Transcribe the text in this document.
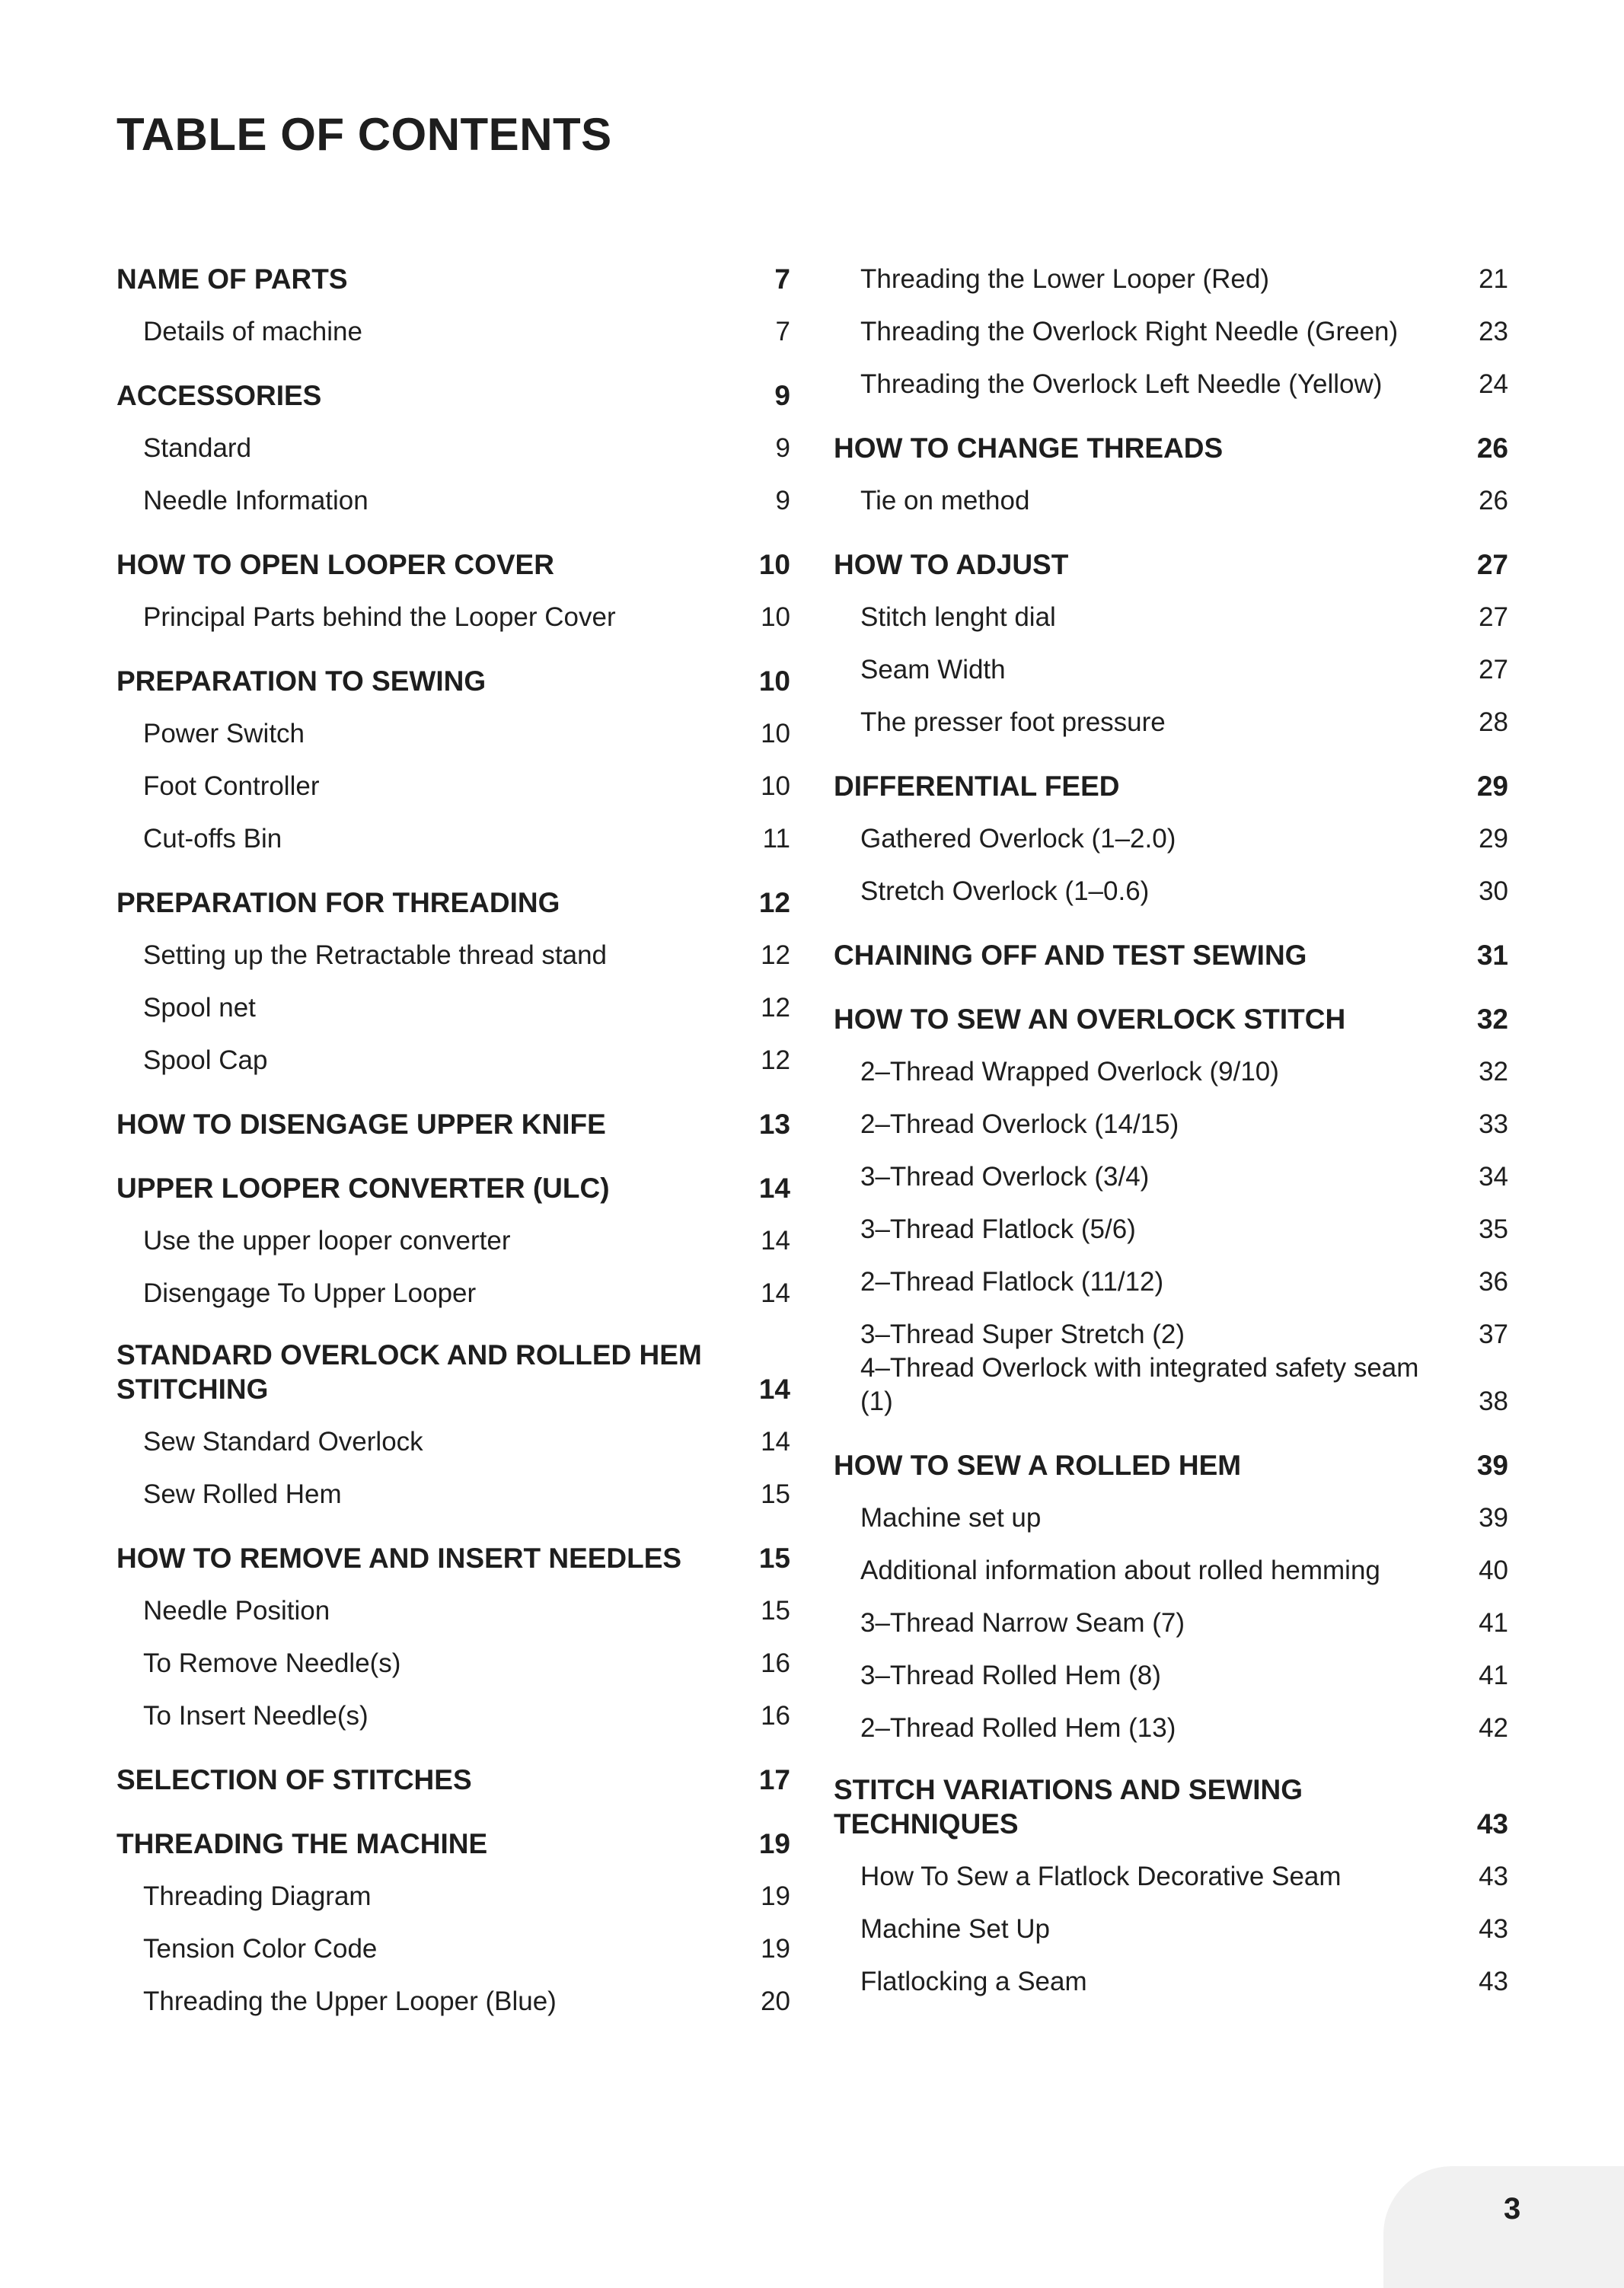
TABLE OF CONTENTS
NAME OF PARTS	7
Details of machine	7
ACCESSORIES	9
Standard	9
Needle Information	9
HOW TO OPEN LOOPER COVER	10
Principal Parts behind the Looper Cover	10
PREPARATION TO SEWING	10
Power Switch	10
Foot Controller	10
Cut-offs Bin	11
PREPARATION FOR THREADING	12
Setting up the Retractable thread stand	12
Spool net	12
Spool Cap	12
HOW TO DISENGAGE UPPER KNIFE	13
UPPER LOOPER CONVERTER (ULC)	14
Use the upper looper converter	14
Disengage To Upper Looper	14
STANDARD OVERLOCK AND ROLLED HEM STITCHING	14
Sew Standard Overlock	14
Sew Rolled Hem	15
HOW TO REMOVE AND INSERT NEEDLES	15
Needle Position	15
To Remove Needle(s)	16
To Insert Needle(s)	16
SELECTION OF STITCHES	17
THREADING THE MACHINE	19
Threading Diagram	19
Tension Color Code	19
Threading the Upper Looper (Blue)	20
Threading the Lower Looper (Red)	21
Threading the Overlock Right Needle (Green)	23
Threading the Overlock Left Needle (Yellow)	24
HOW TO CHANGE THREADS	26
Tie on method	26
HOW TO ADJUST	27
Stitch lenght dial	27
Seam Width	27
The presser foot pressure	28
DIFFERENTIAL FEED	29
Gathered Overlock (1–2.0)	29
Stretch Overlock (1–0.6)	30
CHAINING OFF AND TEST SEWING	31
HOW TO SEW AN OVERLOCK STITCH	32
2–Thread Wrapped Overlock (9/10)	32
2–Thread Overlock (14/15)	33
3–Thread Overlock (3/4)	34
3–Thread Flatlock (5/6)	35
2–Thread Flatlock (11/12)	36
3–Thread Super Stretch (2)	37
4–Thread Overlock with integrated safety seam (1)	38
HOW TO SEW A ROLLED HEM	39
Machine set up	39
Additional information about rolled hemming	40
3–Thread Narrow Seam (7)	41
3–Thread Rolled Hem (8)	41
2–Thread Rolled Hem (13)	42
STITCH VARIATIONS AND SEWING TECHNIQUES	43
How To Sew a Flatlock Decorative Seam	43
Machine Set Up	43
Flatlocking a Seam	43
3
